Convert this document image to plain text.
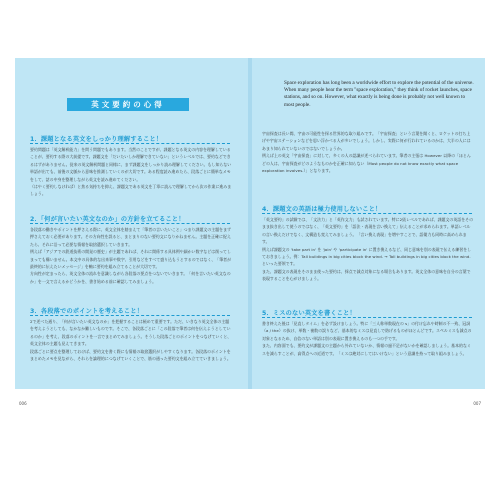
英文要約の心得
1．課題となる英文をしっかり理解すること！

要約問題は「英文解釈能力」を問う問題でもあります。当然のことですが、課題となる英文の内容を理解していることが、要約する際の大前提です。課題文を「だいたいしか理解できていない」というレベルでは、要約などできるはずがありません。従来の英文解釈問題と同様に、まず課題文をしっかり読み理解してください。もし知らない単語が出ても、前後の文脈から意味を推測していくのが大切です。ある程度読み進めたら、段落ごとに簡単なメモをして、話の中身を整理しながら英文を読み進めてください。

（はやく要約しなければ）と焦る気持ちを抑え、課題文である英文を丁寧に読んで理解してから次の作業に進みましょう。

2．「何が言いたい英文なのか」の方針を立てること！

各段落の働きやポイントを押さえる際に、英文全体を踏まえて「筆者の言いたいこと」つまり課題文の主題をまず押さえておく必要があります。その方向性を誤ると、まとまりのない要約文になりかねません。主題を正確に捉えたら、それに沿って必要な情報を取捨選択していきます。

例えば「アジアでの鉄道技術の開発の歴史」が主題であれば、それに関係する具体例や細かい数字などは削ってしまっても構いません。本文中の具体的な出来事や数字、引用などをすべて盛り込もうとするのではなく、「筆者が最終的に伝えたいメッセージ」を軸に要約を組み立てることが大切です。

方向性が定まったら、英文全体の流れを意識しながら各段落の要点をつないでいきます。「何を言いたい英文なのか」を一文で言えるかどうかを、書き始める前に確認してみましょう。

3．各段落でのポイントを考えること！

2で述べた通り、「何が言いたい英文なのか」を把握することは極めて重要です。ただ、いきなり英文全体の主題を考えようとしても、なかなか難しいものです。そこで、各段落ごとに「この段落で筆者は何を伝えようとしているのか」を考え、段落のポイントを一言でまとめてみましょう。そうした段落ごとのポイントをつなげていくと、英文全体の主題も見えてきます。

段落ごとに要点を整理しておけば、要約文を書く際にも情報の取捨選択がしやすくなります。各段落のポイントをまとめたメモを見ながら、それらを論理的につなげていくことで、筋の通った要約文を組み立てていきましょう。

Space exploration has long been a worldwide effort to explore the potential of the universe. When many people hear the term "space exploration," they think of rocket launches, space stations, and so on. However, what exactly is being done is probably not well known to most people.

宇宙探査は長い間、宇宙の可能性を探る世界的な取り組みです。「宇宙探査」という言葉を聞くと、ロケットの打ち上げや宇宙ステーションなどを思い浮かべる人が多いでしょう。しかし、実際に何が行われているのかは、大半の人にはあまり知られていないのではないでしょうか。

例えば上の英文「宇宙探査」に対して、多くの人の認識が述べられています。筆者の主張は However 以降の「ほとんどの人は、宇宙探査がどのようなものかを正確に知らない（Most people do not know exactly what space exploration involves.）」となります。

4．課題文の英語は極力使用しないこと！

「英文要約」の試験では、「文法力」と「英作文力」も試されています。特に2級レベルであれば、課題文の英語をそのまま抜き出して使うのではなく、「英文要約」を「語法・表現を言い換えて」伝えることが求められます。単語レベルの言い換えだけでなく、文構造も変えてみましょう。「言い換え表現」を増やすことで、語彙力も同時に高められます。

例えば課題文の 'take part in' を 'join' や 'participate in' に置き換えるなど、同じ意味を別の表現で伝える練習をしておきましょう。例：Tall buildings in big cities block the wind. → Tall buildings in big cities block the wind. といった要領です。

また、課題文の表現をそのまま使った要約は、採点で減点対象になる場合もあります。英文全体の意味を自分の言葉で表現することを心がけましょう。

5．ミスのない英文を書くこと！

書き終えた後は「見直しタイム」を必ず設けましょう。特に「三人称単数現在の s」の付け忘れや時制の不一致、冠詞（a / the）の抜け、単数・複数の誤りなど、基本的なミスは見直しで防げるものがほとんどです。スペルミスも減点の対象となるため、自信のない単語は別の表現に置き換えるのも一つの手です。

また、内容面でも、要約文が課題文の主題から外れていないか、情報の過不足がないかを確認しましょう。基本的なミスを減らすことが、高得点への近道です。「ミスは絶対にしてはいけない」という意識を持って取り組みましょう。

006	007
